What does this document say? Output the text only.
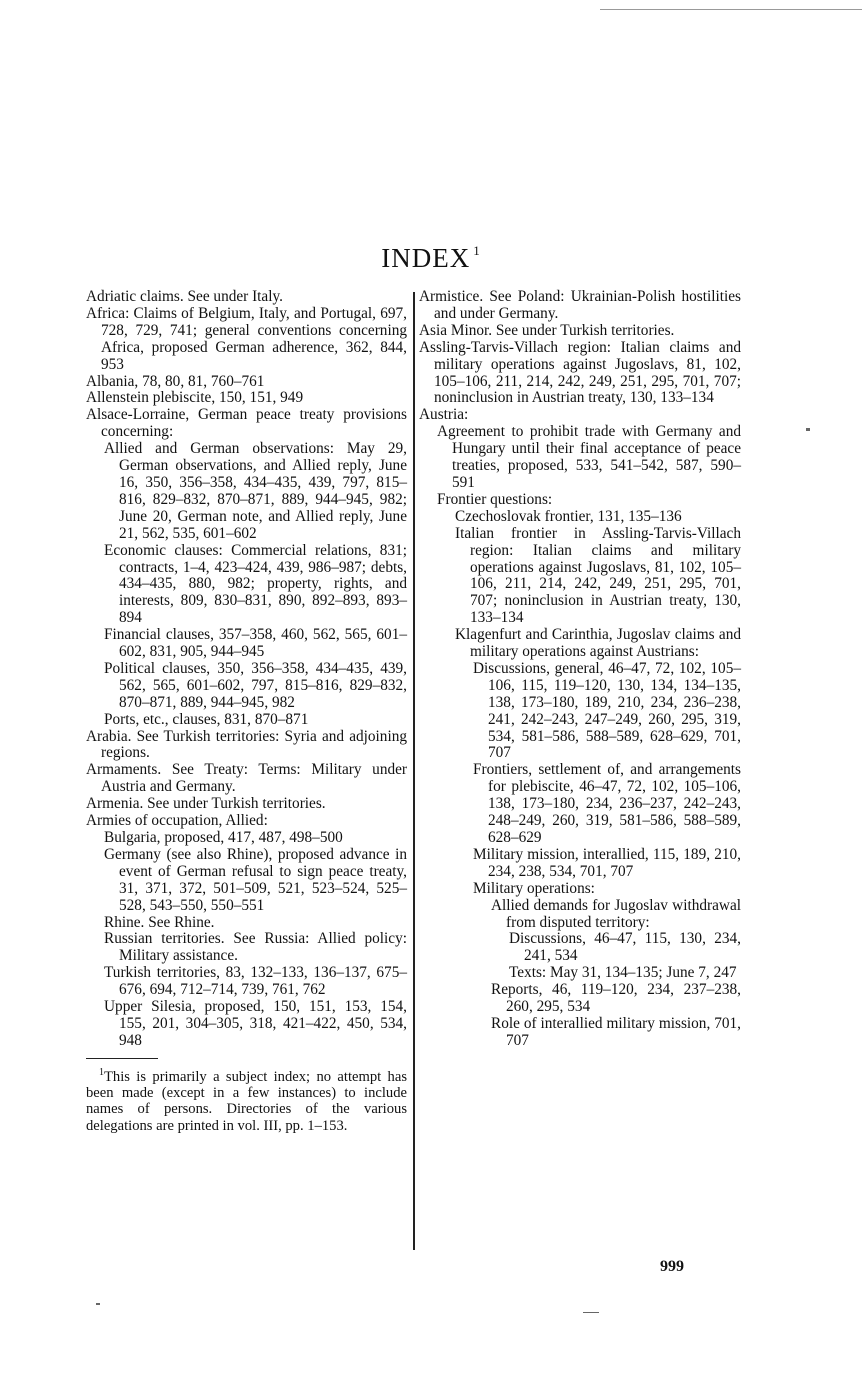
INDEX $^1$
Adriatic claims. See under Italy.
Africa: Claims of Belgium, Italy, and Portugal, 697, 728, 729, 741; general conventions concerning Africa, proposed German adherence, 362, 844, 953
Albania, 78, 80, 81, 760–761
Allenstein plebiscite, 150, 151, 949
Alsace-Lorraine, German peace treaty provisions concerning:
Allied and German observations: May 29, German observations, and Allied reply, June 16, 350, 356–358, 434–435, 439, 797, 815–816, 829–832, 870–871, 889, 944–945, 982; June 20, German note, and Allied reply, June 21, 562, 535, 601–602
Economic clauses: Commercial relations, 831; contracts, 1–4, 423–424, 439, 986–987; debts, 434–435, 880, 982; property, rights, and interests, 809, 830–831, 890, 892–893, 893–894
Financial clauses, 357–358, 460, 562, 565, 601–602, 831, 905, 944–945
Political clauses, 350, 356–358, 434–435, 439, 562, 565, 601–602, 797, 815–816, 829–832, 870–871, 889, 944–945, 982
Ports, etc., clauses, 831, 870–871
Arabia. See Turkish territories: Syria and adjoining regions.
Armaments. See Treaty: Terms: Military under Austria and Germany.
Armenia. See under Turkish territories.
Armies of occupation, Allied:
Bulgaria, proposed, 417, 487, 498–500
Germany (see also Rhine), proposed advance in event of German refusal to sign peace treaty, 31, 371, 372, 501–509, 521, 523–524, 525–528, 543–550, 550–551
Rhine. See Rhine.
Russian territories. See Russia: Allied policy: Military assistance.
Turkish territories, 83, 132–133, 136–137, 675–676, 694, 712–714, 739, 761, 762
Upper Silesia, proposed, 150, 151, 153, 154, 155, 201, 304–305, 318, 421–422, 450, 534, 948
$^1$This is primarily a subject index; no attempt has been made (except in a few instances) to include names of persons. Directories of the various delegations are printed in vol. III, pp. 1–153.
Armistice. See Poland: Ukrainian-Polish hostilities and under Germany.
Asia Minor. See under Turkish territories.
Assling-Tarvis-Villach region: Italian claims and military operations against Jugoslavs, 81, 102, 105–106, 211, 214, 242, 249, 251, 295, 701, 707; noninclusion in Austrian treaty, 130, 133–134
Austria:
Agreement to prohibit trade with Germany and Hungary until their final acceptance of peace treaties, proposed, 533, 541–542, 587, 590–591
Frontier questions:
Czechoslovak frontier, 131, 135–136
Italian frontier in Assling-Tarvis-Villach region: Italian claims and military operations against Jugoslavs, 81, 102, 105–106, 211, 214, 242, 249, 251, 295, 701, 707; noninclusion in Austrian treaty, 130, 133–134
Klagenfurt and Carinthia, Jugoslav claims and military operations against Austrians:
Discussions, general, 46–47, 72, 102, 105–106, 115, 119–120, 130, 134, 134–135, 138, 173–180, 189, 210, 234, 236–238, 241, 242–243, 247–249, 260, 295, 319, 534, 581–586, 588–589, 628–629, 701, 707
Frontiers, settlement of, and arrangements for plebiscite, 46–47, 72, 102, 105–106, 138, 173–180, 234, 236–237, 242–243, 248–249, 260, 319, 581–586, 588–589, 628–629
Military mission, interallied, 115, 189, 210, 234, 238, 534, 701, 707
Military operations:
Allied demands for Jugoslav withdrawal from disputed territory:
Discussions, 46–47, 115, 130, 234, 241, 534
Texts: May 31, 134–135; June 7, 247
Reports, 46, 119–120, 234, 237–238, 260, 295, 534
Role of interallied military mission, 701, 707
999
